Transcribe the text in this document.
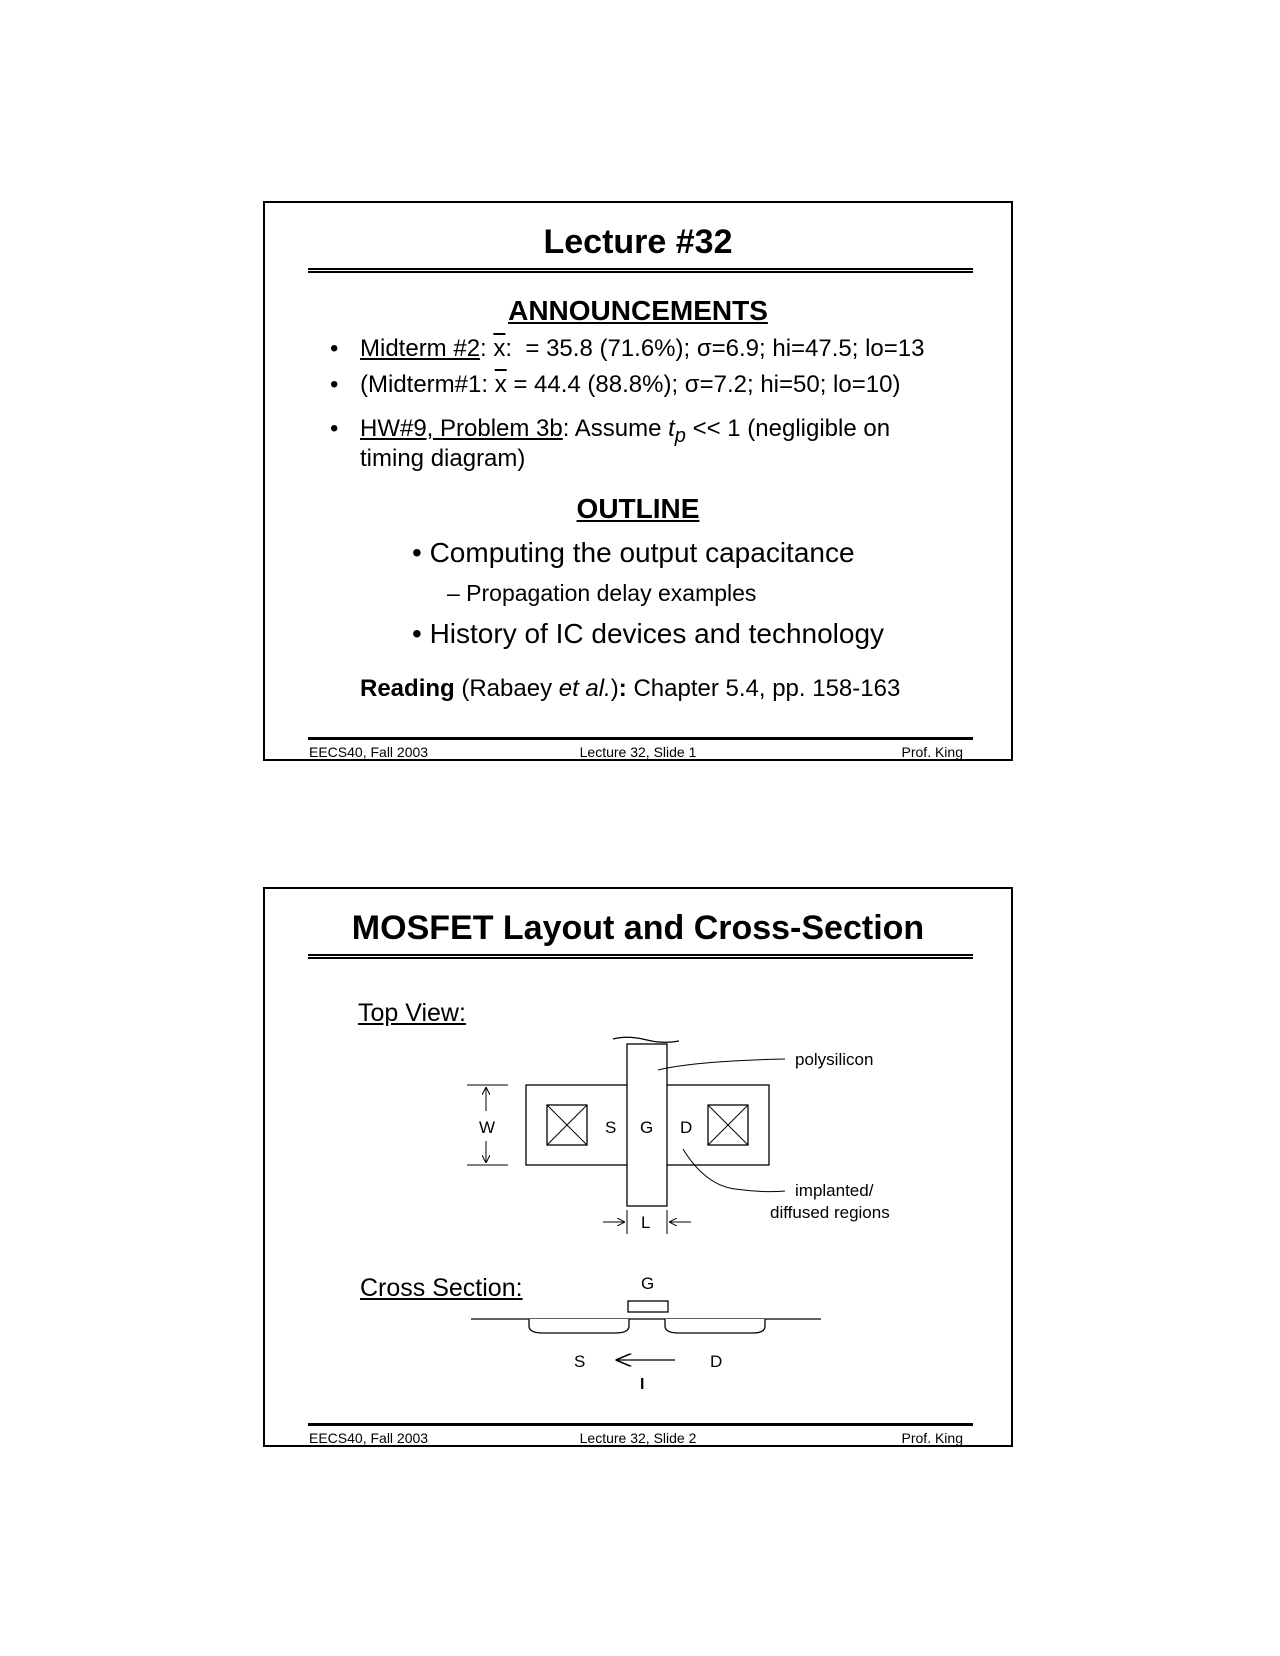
Lecture #32
ANNOUNCEMENTS
• Midterm #2: $\overline{x}$:  = 35.8 (71.6%); σ=6.9; hi=47.5; lo=13
• (Midterm#1: $\overline{x} = 44.4$ (88.8%); σ=7.2; hi=50; lo=10)
• HW#9, Problem 3b: Assume $t_p << 1$ (negligible on
timing diagram)
OUTLINE
• Computing the output capacitance
– Propagation delay examples
• History of IC devices and technology
Reading (Rabaey et al.): Chapter 5.4, pp. 158-163
EECS40, Fall 2003	Lecture 32, Slide 1	Prof. King
MOSFET Layout and Cross-Section
Top View:
Cross Section:
S G D
W
L
polysilicon
implanted/
diffused regions
G
S	D
I
EECS40, Fall 2003	Lecture 32, Slide 2	Prof. King
